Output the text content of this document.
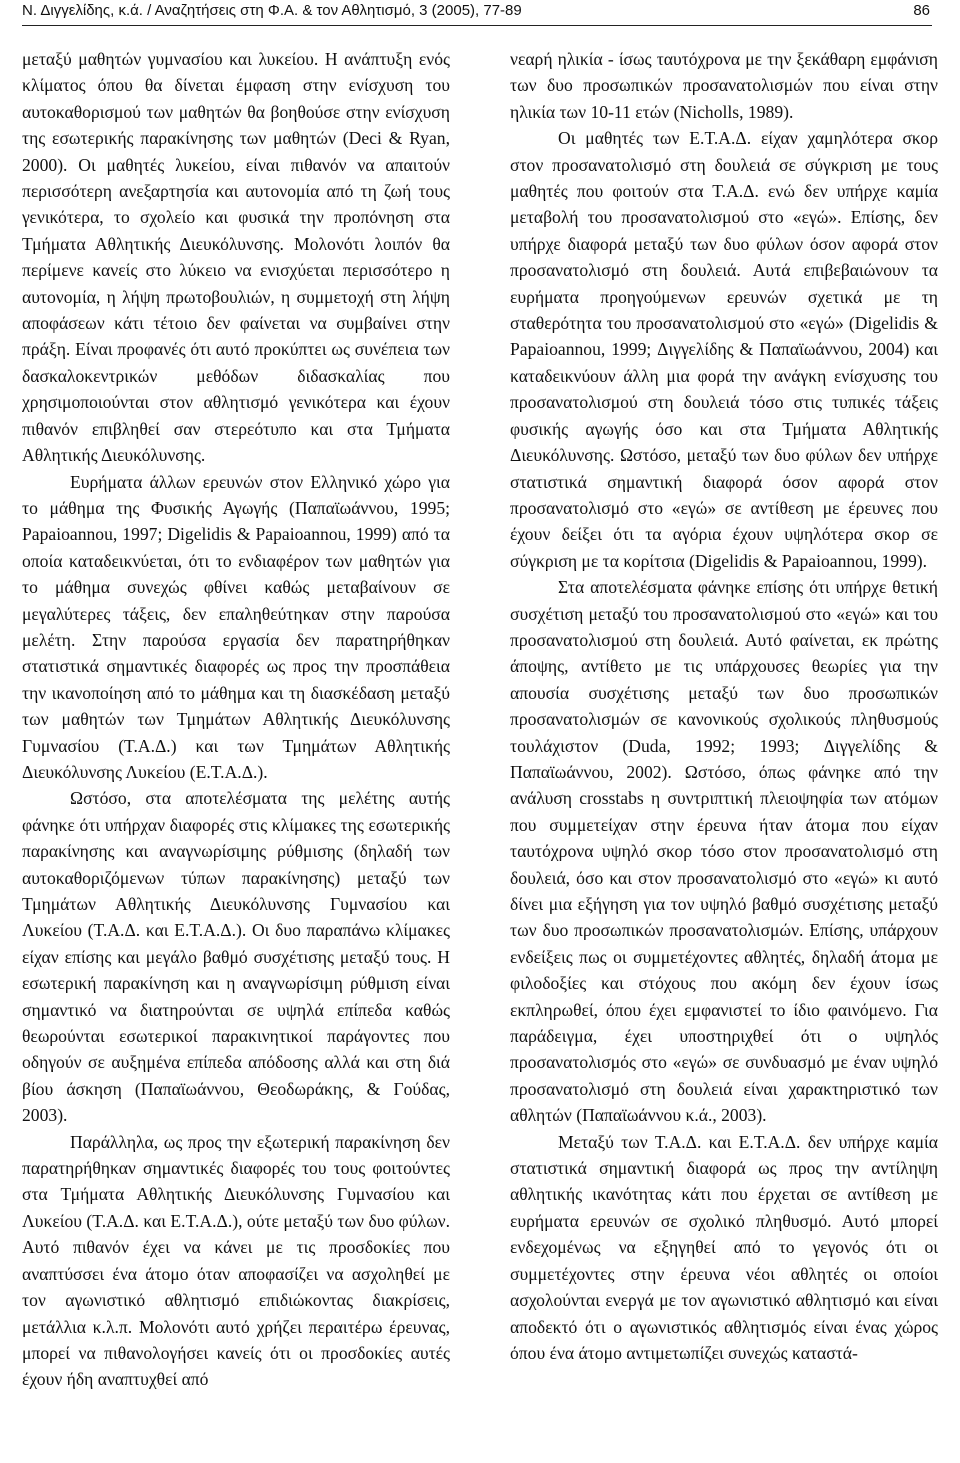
Ν. Διγγελίδης, κ.ά. / Αναζητήσεις στη Φ.Α. & τον Αθλητισμό, 3 (2005), 77-89	86

μεταξύ μαθητών γυμνασίου και λυκείου. Η ανάπτυξη ενός κλίματος όπου θα δίνεται έμφαση στην ενίσχυση του αυτοκαθορισμού των μαθητών θα βοηθούσε στην ενίσχυση της εσωτερικής παρακίνησης των μαθητών (Deci & Ryan, 2000). Οι μαθητές λυκείου, είναι πιθανόν να απαιτούν περισσότερη ανεξαρτησία και αυτονομία από τη ζωή τους γενικότερα, το σχολείο και φυσικά την προπόνηση στα Τμήματα Αθλητικής Διευκόλυνσης. Μολονότι λοιπόν θα περίμενε κανείς στο λύκειο να ενισχύεται περισσότερο η αυτονομία, η λήψη πρωτοβουλιών, η συμμετοχή στη λήψη αποφάσεων κάτι τέτοιο δεν φαίνεται να συμβαίνει στην πράξη. Είναι προφανές ότι αυτό προκύπτει ως συνέπεια των δασκαλοκεντρικών μεθόδων διδασκαλίας που χρησιμοποιούνται στον αθλητισμό γενικότερα και έχουν πιθανόν επιβληθεί σαν στερεότυπο και στα Τμήματα Αθλητικής Διευκόλυνσης.

Ευρήματα άλλων ερευνών στον Ελληνικό χώρο για το μάθημα της Φυσικής Αγωγής (Παπαϊωάννου, 1995; Papaioannou, 1997; Digelidis & Papaioannou, 1999) από τα οποία καταδεικνύεται, ότι το ενδιαφέρον των μαθητών για το μάθημα συνεχώς φθίνει καθώς μεταβαίνουν σε μεγαλύτερες τάξεις, δεν επαληθεύτηκαν στην παρούσα μελέτη. Στην παρούσα εργασία δεν παρατηρήθηκαν στατιστικά σημαντικές διαφορές ως προς την προσπάθεια την ικανοποίηση από το μάθημα και τη διασκέδαση μεταξύ των μαθητών των Τμημάτων Αθλητικής Διευκόλυνσης Γυμνασίου (Τ.Α.Δ.) και των Τμημάτων Αθλητικής Διευκόλυνσης Λυκείου (Ε.Τ.Α.Δ.).

Ωστόσο, στα αποτελέσματα της μελέτης αυτής φάνηκε ότι υπήρχαν διαφορές στις κλίμακες της εσωτερικής παρακίνησης και αναγνωρίσιμης ρύθμισης (δηλαδή των αυτοκαθοριζόμενων τύπων παρακίνησης) μεταξύ των Τμημάτων Αθλητικής Διευκόλυνσης Γυμνασίου και Λυκείου (Τ.Α.Δ. και Ε.Τ.Α.Δ.). Οι δυο παραπάνω κλίμακες είχαν επίσης και μεγάλο βαθμό συσχέτισης μεταξύ τους. Η εσωτερική παρακίνηση και η αναγνωρίσιμη ρύθμιση είναι σημαντικό να διατηρούνται σε υψηλά επίπεδα καθώς θεωρούνται εσωτερικοί παρακινητικοί παράγοντες που οδηγούν σε αυξημένα επίπεδα απόδοσης αλλά και στη διά βίου άσκηση (Παπαϊωάννου, Θεοδωράκης, & Γούδας, 2003).

Παράλληλα, ως προς την εξωτερική παρακίνηση δεν παρατηρήθηκαν σημαντικές διαφορές του τους φοιτούντες στα Τμήματα Αθλητικής Διευκόλυνσης Γυμνασίου και Λυκείου (Τ.Α.Δ. και Ε.Τ.Α.Δ.), ούτε μεταξύ των δυο φύλων. Αυτό πιθανόν έχει να κάνει με τις προσδοκίες που αναπτύσσει ένα άτομο όταν αποφασίζει να ασχοληθεί με τον αγωνιστικό αθλητισμό επιδιώκοντας διακρίσεις, μετάλλια κ.λ.π. Μολονότι αυτό χρήζει περαιτέρω έρευνας, μπορεί να πιθανολογήσει κανείς ότι οι προσδοκίες αυτές έχουν ήδη αναπτυχθεί από

νεαρή ηλικία - ίσως ταυτόχρονα με την ξεκάθαρη εμφάνιση των δυο προσωπικών προσανατολισμών που είναι στην ηλικία των 10-11 ετών (Nicholls, 1989).

Οι μαθητές των Ε.Τ.Α.Δ. είχαν χαμηλότερα σκορ στον προσανατολισμό στη δουλειά σε σύγκριση με τους μαθητές που φοιτούν στα Τ.Α.Δ. ενώ δεν υπήρχε καμία μεταβολή του προσανατολισμού στο «εγώ». Επίσης, δεν υπήρχε διαφορά μεταξύ των δυο φύλων όσον αφορά στον προσανατολισμό στη δουλειά. Αυτά επιβεβαιώνουν τα ευρήματα προηγούμενων ερευνών σχετικά με τη σταθερότητα του προσανατολισμού στο «εγώ» (Digelidis & Papaioannou, 1999; Διγγελίδης & Παπαϊωάννου, 2004) και καταδεικνύουν άλλη μια φορά την ανάγκη ενίσχυσης του προσανατολισμού στη δουλειά τόσο στις τυπικές τάξεις φυσικής αγωγής όσο και στα Τμήματα Αθλητικής Διευκόλυνσης. Ωστόσο, μεταξύ των δυο φύλων δεν υπήρχε στατιστικά σημαντική διαφορά όσον αφορά στον προσανατολισμό στο «εγώ» σε αντίθεση με έρευνες που έχουν δείξει ότι τα αγόρια έχουν υψηλότερα σκορ σε σύγκριση με τα κορίτσια (Digelidis & Papaioannou, 1999).

Στα αποτελέσματα φάνηκε επίσης ότι υπήρχε θετική συσχέτιση μεταξύ του προσανατολισμού στο «εγώ» και του προσανατολισμού στη δουλειά. Αυτό φαίνεται, εκ πρώτης άποψης, αντίθετο με τις υπάρχουσες θεωρίες για την απουσία συσχέτισης μεταξύ των δυο προσωπικών προσανατολισμών σε κανονικούς σχολικούς πληθυσμούς τουλάχιστον (Duda, 1992; 1993; Διγγελίδης & Παπαϊωάννου, 2002). Ωστόσο, όπως φάνηκε από την ανάλυση crosstabs η συντριπτική πλειοψηφία των ατόμων που συμμετείχαν στην έρευνα ήταν άτομα που είχαν ταυτόχρονα υψηλό σκορ τόσο στον προσανατολισμό στη δουλειά, όσο και στον προσανατολισμό στο «εγώ» κι αυτό δίνει μια εξήγηση για τον υψηλό βαθμό συσχέτισης μεταξύ των δυο προσωπικών προσανατολισμών. Επίσης, υπάρχουν ενδείξεις πως οι συμμετέχοντες αθλητές, δηλαδή άτομα με φιλοδοξίες και στόχους που ακόμη δεν έχουν ίσως εκπληρωθεί, όπου έχει εμφανιστεί το ίδιο φαινόμενο. Για παράδειγμα, έχει υποστηριχθεί ότι ο υψηλός προσανατολισμός στο «εγώ» σε συνδυασμό με έναν υψηλό προσανατολισμό στη δουλειά είναι χαρακτηριστικό των αθλητών (Παπαϊωάννου κ.ά., 2003).

Μεταξύ των Τ.Α.Δ. και Ε.Τ.Α.Δ. δεν υπήρχε καμία στατιστικά σημαντική διαφορά ως προς την αντίληψη αθλητικής ικανότητας κάτι που έρχεται σε αντίθεση με ευρήματα ερευνών σε σχολικό πληθυσμό. Αυτό μπορεί ενδεχομένως να εξηγηθεί από το γεγονός ότι οι συμμετέχοντες στην έρευνα νέοι αθλητές οι οποίοι ασχολούνται ενεργά με τον αγωνιστικό αθλητισμό και είναι αποδεκτό ότι ο αγωνιστικός αθλητισμός είναι ένας χώρος όπου ένα άτομο αντιμετωπίζει συνεχώς καταστά-
